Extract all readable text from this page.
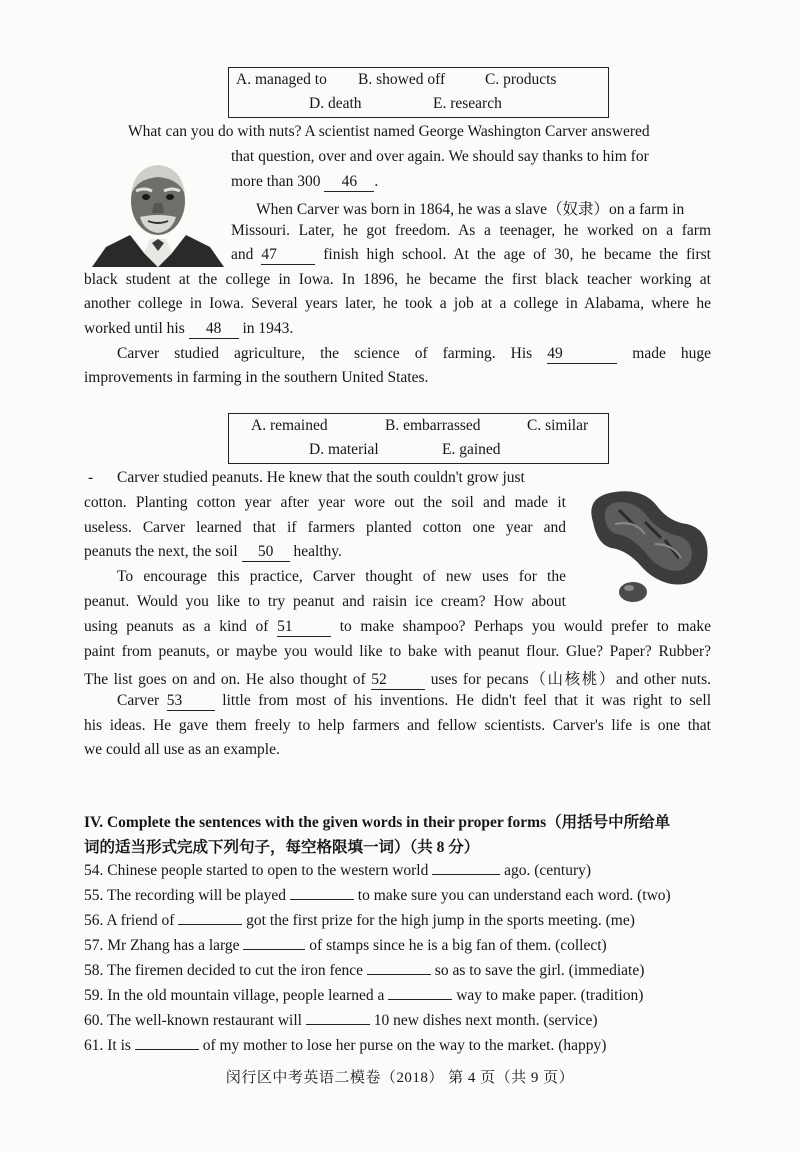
A. managed to B. showed off	C. products
D. death	E. research
What can you do with nuts? A scientist named George Washington Carver answered
that question, over and over again. We should say thanks to him for
more than 300 46 .
When Carver was born in 1864, he was a slave（奴隶）on a farm in
Missouri. Later, he got freedom. As a teenager, he worked on a farm
and 47	finish high school. At the age of 30, he became the first
black student at the college in Iowa. In 1896, he became the first black teacher working at
another college in Iowa. Several years later, he took a job at a college in Alabama, where he
worked until his 48 in 1943.
Carver studied agriculture, the science of farming. His 49	made huge
improvements in farming in the southern United States.
A. remained	B. embarrassed	C. similar
D. material	E. gained
- Carver studied peanuts. He knew that the south couldn't grow just
cotton. Planting cotton year after year wore out the soil and made it
useless. Carver learned that if farmers planted cotton one year and
peanuts the next, the soil 50 healthy.
To encourage this practice, Carver thought of new uses for the
peanut. Would you like to try peanut and raisin ice cream? How about
using peanuts as a kind of 51	to make shampoo? Perhaps you would prefer to make
paint from peanuts, or maybe you would like to bake with peanut flour. Glue? Paper? Rubber?
The list goes on and on. He also thought of 52	uses for pecans（山核桃）and other nuts.
Carver 53	little from most of his inventions. He didn't feel that it was right to sell
his ideas. He gave them freely to help farmers and fellow scientists. Carver's life is one that
we could all use as an example.
IV. Complete the sentences with the given words in their proper forms（用括号中所给单
词的适当形式完成下列句子，每空格限填一词）（共 8 分）
54. Chinese people started to open to the western world	ago. (century)
55. The recording will be played	to make sure you can understand each word. (two)
56. A friend of	got the first prize for the high jump in the sports meeting. (me)
57. Mr Zhang has a large	of stamps since he is a big fan of them. (collect)
58. The firemen decided to cut the iron fence	so as to save the girl. (immediate)
59. In the old mountain village, people learned a	way to make paper. (tradition)
60. The well-known restaurant will	10 new dishes next month. (service)
61. It is	of my mother to lose her purse on the way to the market. (happy)
闵行区中考英语二模卷（2018） 第 4 页（共 9 页）
